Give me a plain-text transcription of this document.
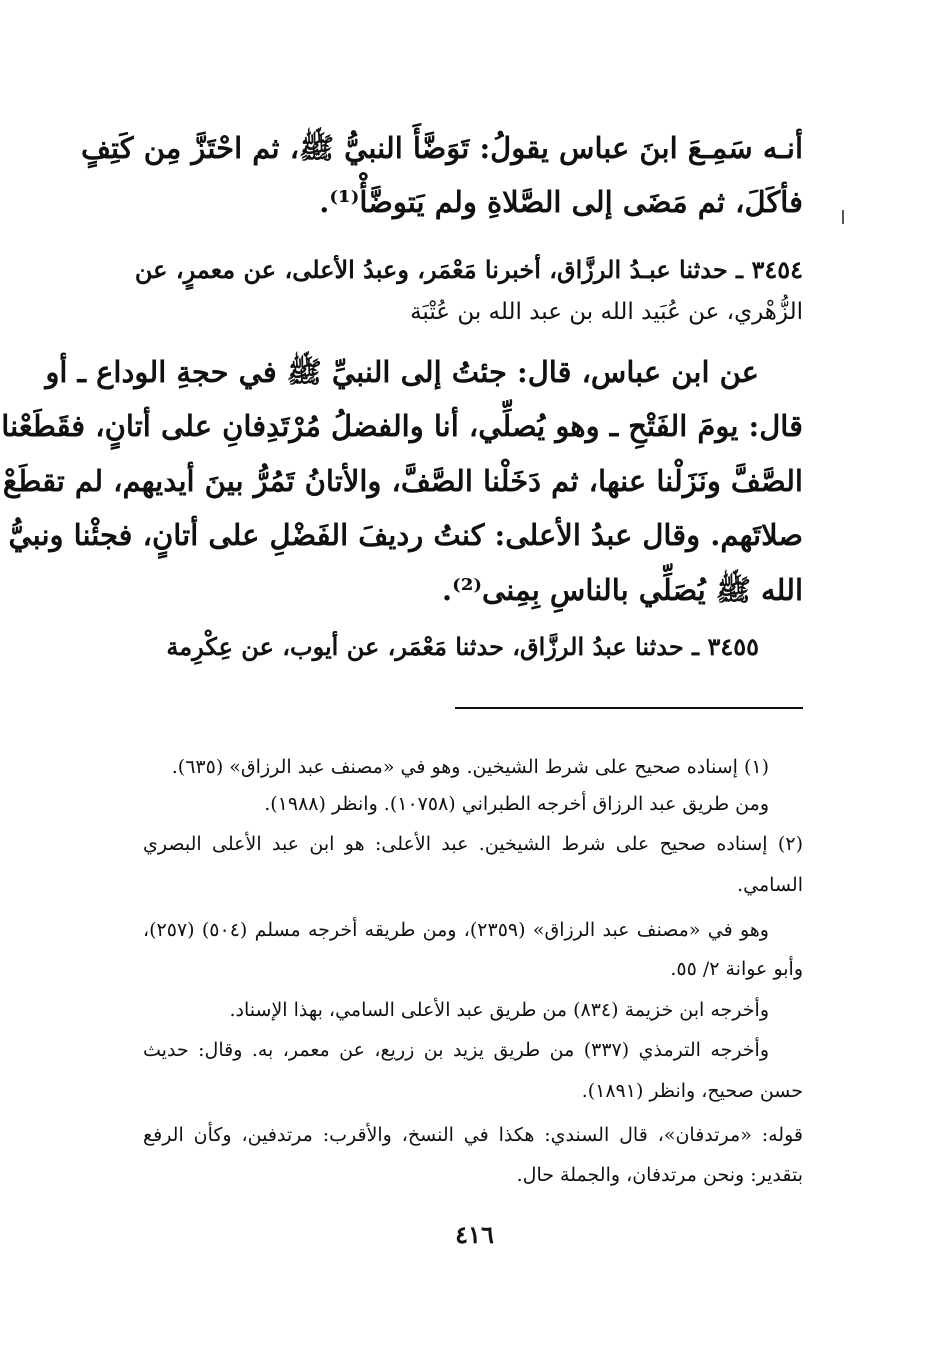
أنـه سَمِـعَ ابنَ عباس يقولُ: تَوَضَّأَ النبيُّ ﷺ، ثم احْتَزَّ مِن كَتِفٍ
فأكَلَ، ثم مَضَى إلى الصَّلاةِ ولم يَتوضَّأْ⁽¹⁾.
٣٤٥٤ ـ حدثنا عبـدُ الرزَّاق، أخبرنا مَعْمَر، وعبدُ الأعلى، عن معمرٍ، عن
الزُّهْري، عن عُبَيد الله بن عبد الله بن عُتْبَة
عن ابن عباس، قال: جئتُ إلى النبيِّ ﷺ في حجةِ الوداع ـ أو
قال: يومَ الفَتْحِ ـ وهو يُصلِّي، أنا والفضلُ مُرْتَدِفانِ على أتانٍ، فقَطَعْنا
الصَّفَّ ونَزَلْنا عنها، ثم دَخَلْنا الصَّفَّ، والأتانُ تَمُرُّ بينَ أيديهم، لم تقطَعْ
صلاتَهم. وقال عبدُ الأعلى: كنتُ رديفَ الفَضْلِ على أتانٍ، فجئْنا ونبيُّ
الله ﷺ يُصَلِّي بالناسِ بِمِنى⁽²⁾.
٣٤٥٥ ـ حدثنا عبدُ الرزَّاق، حدثنا مَعْمَر، عن أيوب، عن عِكْرِمة
(١) إسناده صحيح على شرط الشيخين. وهو في «مصنف عبد الرزاق» (٦٣٥).
ومن طريق عبد الرزاق أخرجه الطبراني (١٠٧٥٨). وانظر (١٩٨٨).
(٢) إسناده صحيح على شرط الشيخين. عبد الأعلى: هو ابن عبد الأعلى البصري
السامي.
وهو في «مصنف عبد الرزاق» (٢٣٥٩)، ومن طريقه أخرجه مسلم (٥٠٤) (٢٥٧)،
وأبو عوانة ٢/ ٥٥.
وأخرجه ابن خزيمة (٨٣٤) من طريق عبد الأعلى السامي، بهذا الإسناد.
وأخرجه الترمذي (٣٣٧) من طريق يزيد بن زريع، عن معمر، به. وقال: حديث
حسن صحيح، وانظر (١٨٩١).
قوله: «مرتدفان»، قال السندي: هكذا في النسخ، والأقرب: مرتدفين، وكأن الرفع
بتقدير: ونحن مرتدفان، والجملة حال.
٤١٦
